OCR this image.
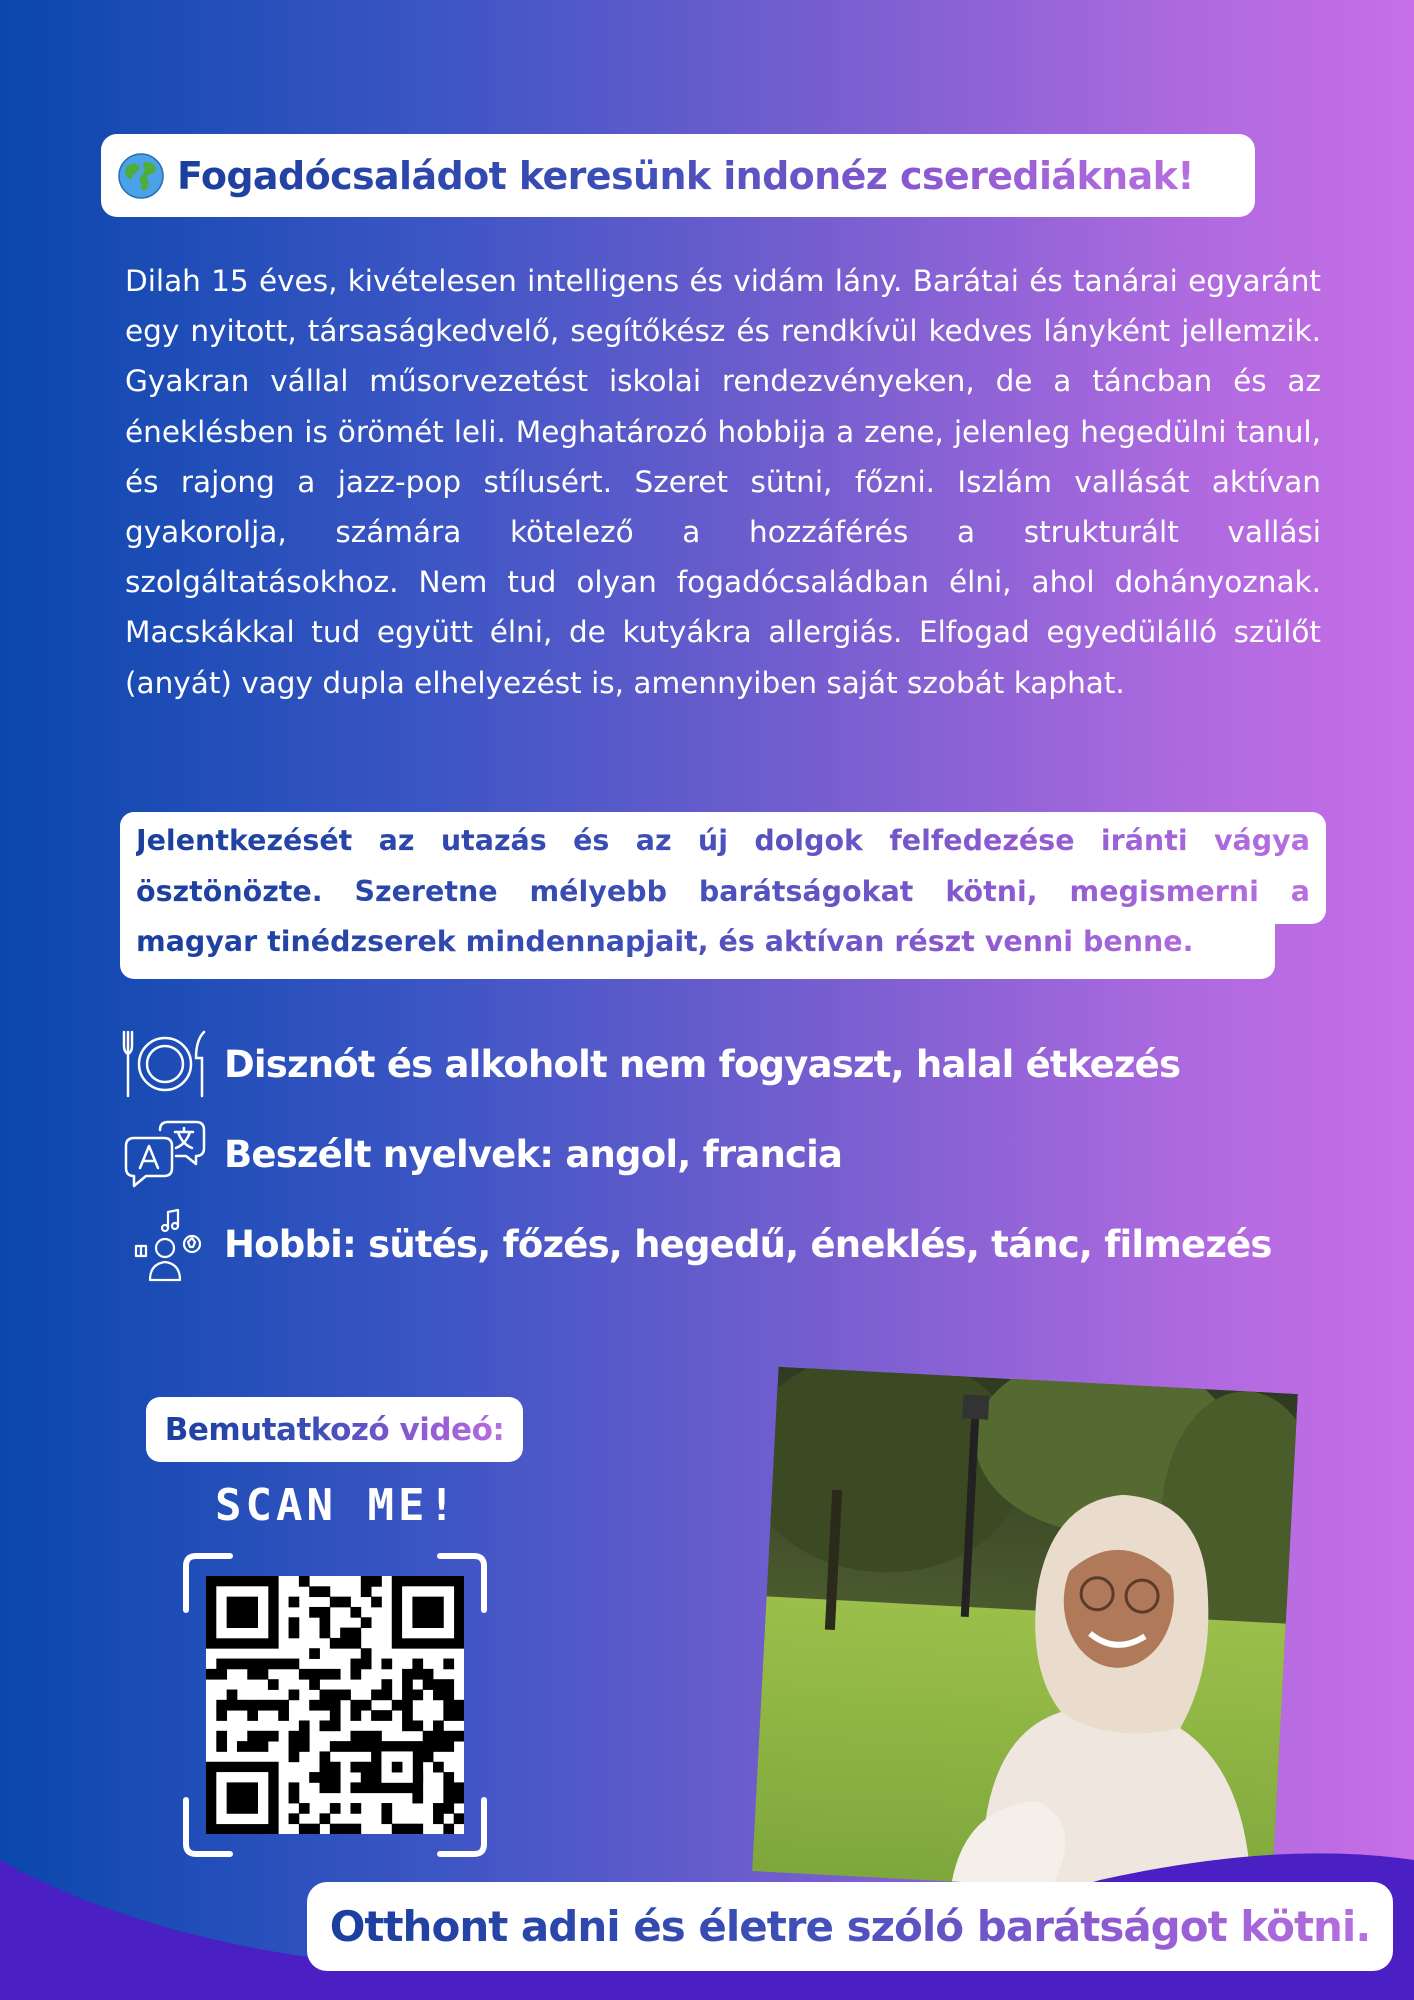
Fogadócsaládot keresünk indonéz cserediáknak!

Dilah 15 éves, kivételesen intelligens és vidám lány. Barátai és tanárai egyaránt egy nyitott, társaságkedvelő, segítőkész és rendkívül kedves lányként jellemzik. Gyakran vállal műsorvezetést iskolai rendezvényeken, de a táncban és az éneklésben is örömét leli. Meghatározó hobbija a zene, jelenleg hegedülni tanul, és rajong a jazz-pop stílusért. Szeret sütni, főzni. Iszlám vallását aktívan gyakorolja, számára kötelező a hozzáférés a strukturált vallási szolgáltatásokhoz. Nem tud olyan fogadócsaládban élni, ahol dohányoznak. Macskákkal tud együtt élni, de kutyákra allergiás. Elfogad egyedülálló szülőt (anyát) vagy dupla elhelyezést is, amennyiben saját szobát kaphat.

Jelentkezését az utazás és az új dolgok felfedezése iránti vágya
ösztönözte. Szeretne mélyebb barátságokat kötni, megismerni a
magyar tinédzserek mindennapjait, és aktívan részt venni benne.
Disznót és alkoholt nem fogyaszt, halal étkezés
Beszélt nyelvek: angol, francia
Hobbi: sütés, főzés, hegedű, éneklés, tánc, filmezés
Bemutatkozó videó:
SCAN ME!
Otthont adni és életre szóló barátságot kötni.
